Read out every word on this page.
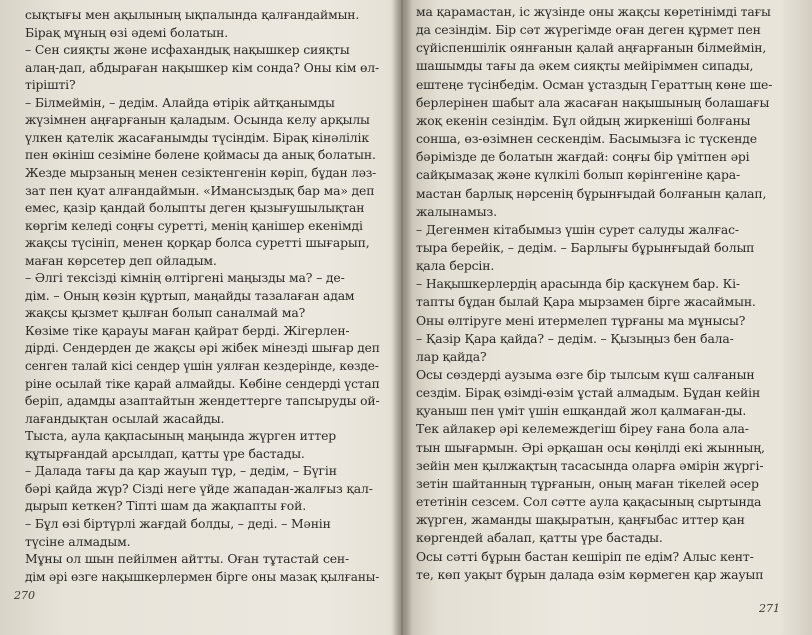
сықтығы мен ақылының ықпалында қалғандаймын.
Бірақ мұның өзі әдемі болатын.
– Сен сияқты және исфахандық нақышкер сияқты
алаң-дап, абдыраған нақышкер кім сонда? Оны кім өл-
тірішті?
– Білмеймін, – дедім. Алайда өтірік айтқанымды
жүзімнен аңғарғанын қаладым. Осында келу арқылы
үлкен қателік жасағанымды түсіндім. Бірақ кінәлілік
пен өкініш сезіміне бөлене қоймасы да анық болатын.
Жезде мырзаның менен сезіктенгенін көріп, бұдан ләз-
зат пен қуат алғандаймын. «Имансыздық бар ма» деп
емес, қазір қандай болыпты деген қызығушылықтан
көргім келеді соңғы суретті, менің қанішер екенімді
жақсы түсініп, менен қорқар болса суретті шығарып,
маған көрсетер деп ойладым.
– Әлгі тексізді кімнің өлтіргені маңызды ма? – де-
дім. – Оның көзін құртып, маңайды тазалаған адам
жақсы қызмет қылған болып саналмай ма?
Көзіме тіке қарауы маған қайрат берді. Жігерлен-
дірді. Сендерден де жақсы әрі жібек мінезді шығар деп
сенген талай кісі сендер үшін уялған кездерінде, көзде-
ріне осылай тіке қарай алмайды. Көбіне сендерді үстап
беріп, адамды азаптайтын жендеттерге тапсыруды ой-
лағандықтан осылай жасайды.
Тыста, аула қақпасының маңында жүрген иттер
құтырғандай арсылдап, қатты үре бастады.
– Далада тағы да қар жауып тұр, – дедім, – Бүгін
бәрі қайда жүр? Сізді неге үйде жападан-жалғыз қал-
дырып кеткен? Тіпті шам да жақпапты ғой.
– Бұл өзі біртүрлі жағдай болды, – деді. – Мәнін
түсіне алмадым.
Мұны ол шын пейілмен айтты. Оған тұтастай сен-
дім әрі өзге нақышкерлермен бірге оны мазақ қылғаны-
270
ма қарамастан, іс жүзінде оны жақсы көретінімді тағы
да сезіндім. Бір сәт жүрегімде оған деген құрмет пен
сүйіспеншілік оянғанын қалай аңғарғанын білмеймін,
шашымды тағы да әкем сияқты мейіріммен сипады,
ештеңе түсінбедім. Осман ұстаздың Гераттың көне ше-
берлерінен шабыт ала жасаған нақышының болашағы
жоқ екенін сезіндім. Бұл ойдың жиркеніші болғаны
сонша, өз-өзімнен сескендім. Басымызға іс түскенде
бәрімізде де болатын жағдай: соңғы бір үмітпен әрі
сайқымазақ және күлкілі болып көрінгеніне қара-
мастан барлық нәрсенің бұрынғыдай болғанын қалап,
жалынамыз.
– Дегенмен кітабымыз үшін сурет салуды жалғас-
тыра берейік, – дедім. – Барлығы бұрынғыдай болып
қала берсін.
– Нақышкерлердің арасында бір қаскүнем бар. Кі-
тапты бұдан былай Қара мырзамен бірге жасаймын.
Оны өлтіруге мені итермелеп тұрғаны ма мұнысы?
– Қазір Қара қайда? – дедім. – Қызыңыз бен бала-
лар қайда?
Осы сөздерді аузыма өзге бір тылсым күш салғанын
сездім. Бірақ өзімді-өзім ұстай алмадым. Бұдан кейін
қуаныш пен үміт үшін ешқандай жол қалмаған-ды.
Тек айлакер әрі келемеждегіш біреу ғана бола ала-
тын шығармын. Әрі әрқашан осы көңілді екі жынның,
зейін мен қылжақтың тасасында оларға әмірін жүргі-
зетін шайтанның тұрғанын, оның маған тікелей әсер
ететінін сезсем. Сол сәтте аула қақасының сыртында
жүрген, жаманды шақыратын, қаңғыбас иттер қан
көргендей абалап, қатты үре бастады.
Осы сәтті бұрын бастан кешіріп пе едім? Алыс кент-
те, көп уақыт бұрын далада өзім көрмеген қар жауып
271
